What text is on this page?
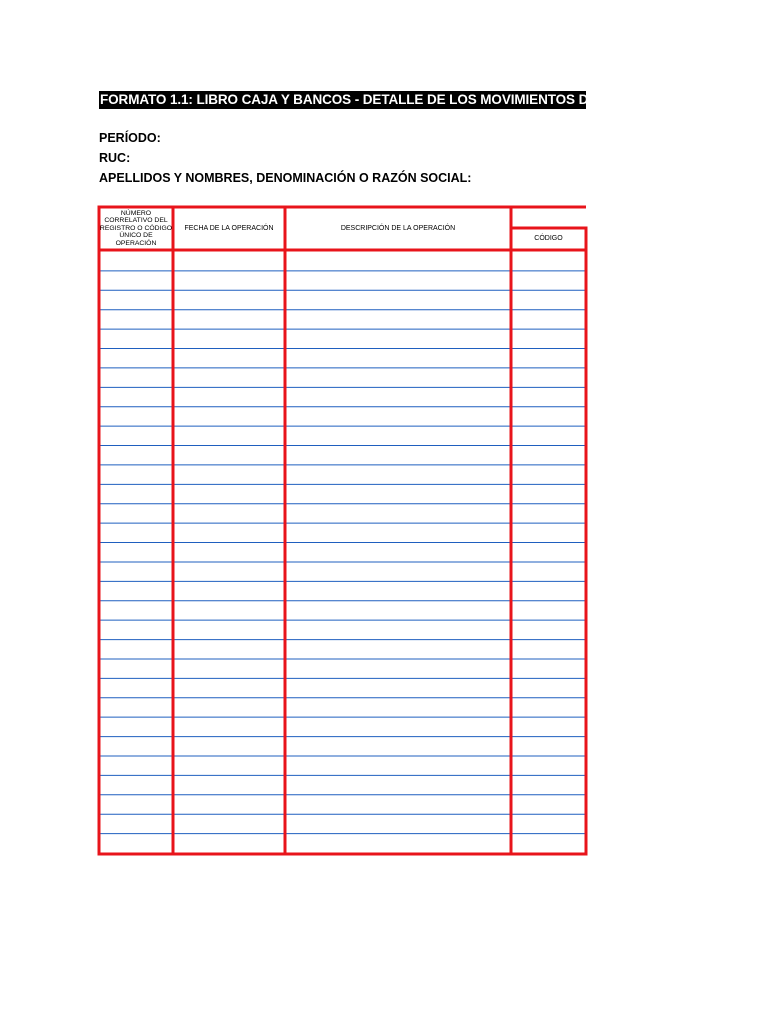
FORMATO 1.1: LIBRO CAJA Y BANCOS - DETALLE DE LOS MOVIMIENTOS DEL EFECTIVO
PERÍODO:
RUC:
APELLIDOS Y NOMBRES, DENOMINACIÓN O RAZÓN SOCIAL:
NÚMERO CORRELATIVO DEL REGISTRO O CÓDIGO ÚNICO DE OPERACIÓN
FECHA DE LA OPERACIÓN	DESCRIPCIÓN DE LA OPERACIÓN
CÓDIGO
